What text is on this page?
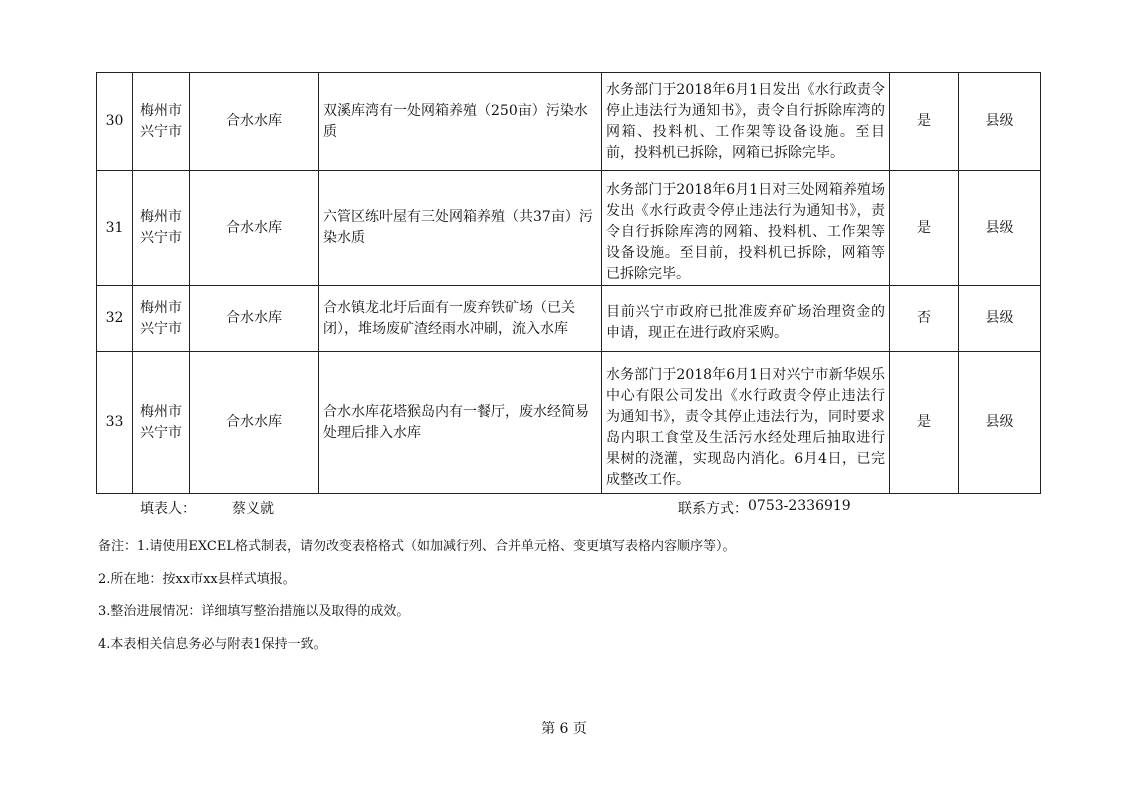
30	梅州市兴宁市	合水水库	双溪库湾有一处网箱养殖（250亩）污染水质	水务部门于2018年6月1日发出《水行政责令停止违法行为通知书》，责令自行拆除库湾的网箱、投料机、工作架等设备设施。至目前，投料机已拆除，网箱已拆除完毕。	是	县级
31	梅州市兴宁市	合水水库	六管区练叶屋有三处网箱养殖（共37亩）污染水质	水务部门于2018年6月1日对三处网箱养殖场发出《水行政责令停止违法行为通知书》，责令自行拆除库湾的网箱、投料机、工作架等设备设施。至目前，投料机已拆除，网箱等已拆除完毕。	是	县级
32	梅州市兴宁市	合水水库	合水镇龙北圩后面有一废弃铁矿场（已关闭），堆场废矿渣经雨水冲刷，流入水库	目前兴宁市政府已批准废弃矿场治理资金的申请，现正在进行政府采购。	否	县级
33	梅州市兴宁市	合水水库	合水水库花塔猴岛内有一餐厅，废水经简易处理后排入水库	水务部门于2018年6月1日对兴宁市新华娱乐中心有限公司发出《水行政责令停止违法行为通知书》，责令其停止违法行为，同时要求岛内职工食堂及生活污水经处理后抽取进行果树的浇灌，实现岛内消化。6月4日，已完成整改工作。	是	县级
填表人：	蔡义就	联系方式： 0753-2336919
备注：1.请使用EXCEL格式制表，请勿改变表格格式（如加减行列、合并单元格、变更填写表格内容顺序等）。
2.所在地：按xx市xx县样式填报。
3.整治进展情况：详细填写整治措施以及取得的成效。
4.本表相关信息务必与附表1保持一致。
第 6 页
